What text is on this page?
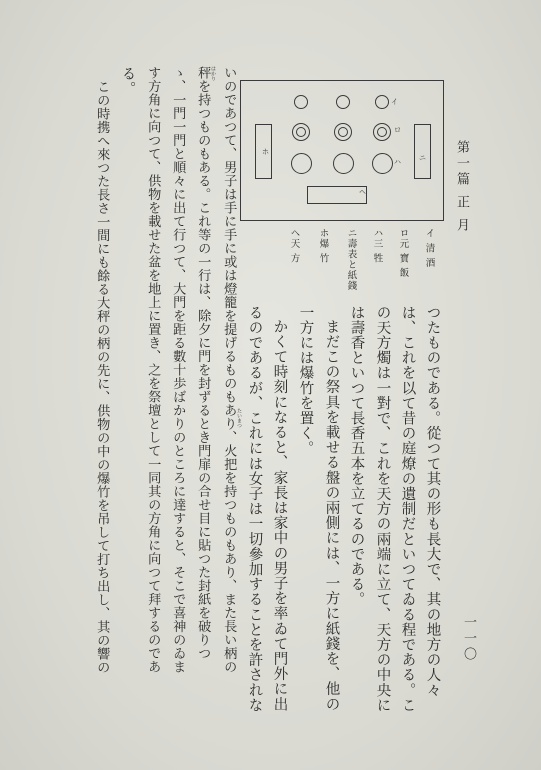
第一篇 正 月
一一〇
イ
ロ
ハ	ニ
ホ
ヘ
イ清 酒
ロ元 寶 飯
ハ三 牲
ニ壽表と紙錢
ホ爆 竹
ヘ天 方
つたものである。從つて其の形も長大で、其の地方の人々
は、これを以て昔の庭燎の遺制だといつてゐる程である。こ
の天方燭は一對で、これを天方の兩端に立て、天方の中央に
は壽香といつて長香五本を立てるのである。
まだこの祭具を載せる盤の兩側には、一方に紙錢を、他の
一方には爆竹を置く。
かくて時刻になると、家長は家中の男子を率ゐて門外に出
るのであるが、これには女子は一切參加することを許されな
いのであつて、男子は手に手に或は燈籠を提げるものもあり、火把を持つものもあり、また長い柄の
秤を持つものもある。これ等の一行は、除夕に門を封ずるとき門扉の合せ目に貼つた封紙を破りつ
ゝ、一門一門と順々に出て行つて、大門を距る數十歩ばかりのところに達すると、そこで喜神のゐま
す方角に向つて、供物を載せた盆を地上に置き、之を祭壇として一同其の方角に向つて拜するのであ
る。
この時携へ來つた長さ一間にも餘る大秤の柄の先に、供物の中の爆竹を吊して打ち出し、其の響の	たいまつ
はかり
